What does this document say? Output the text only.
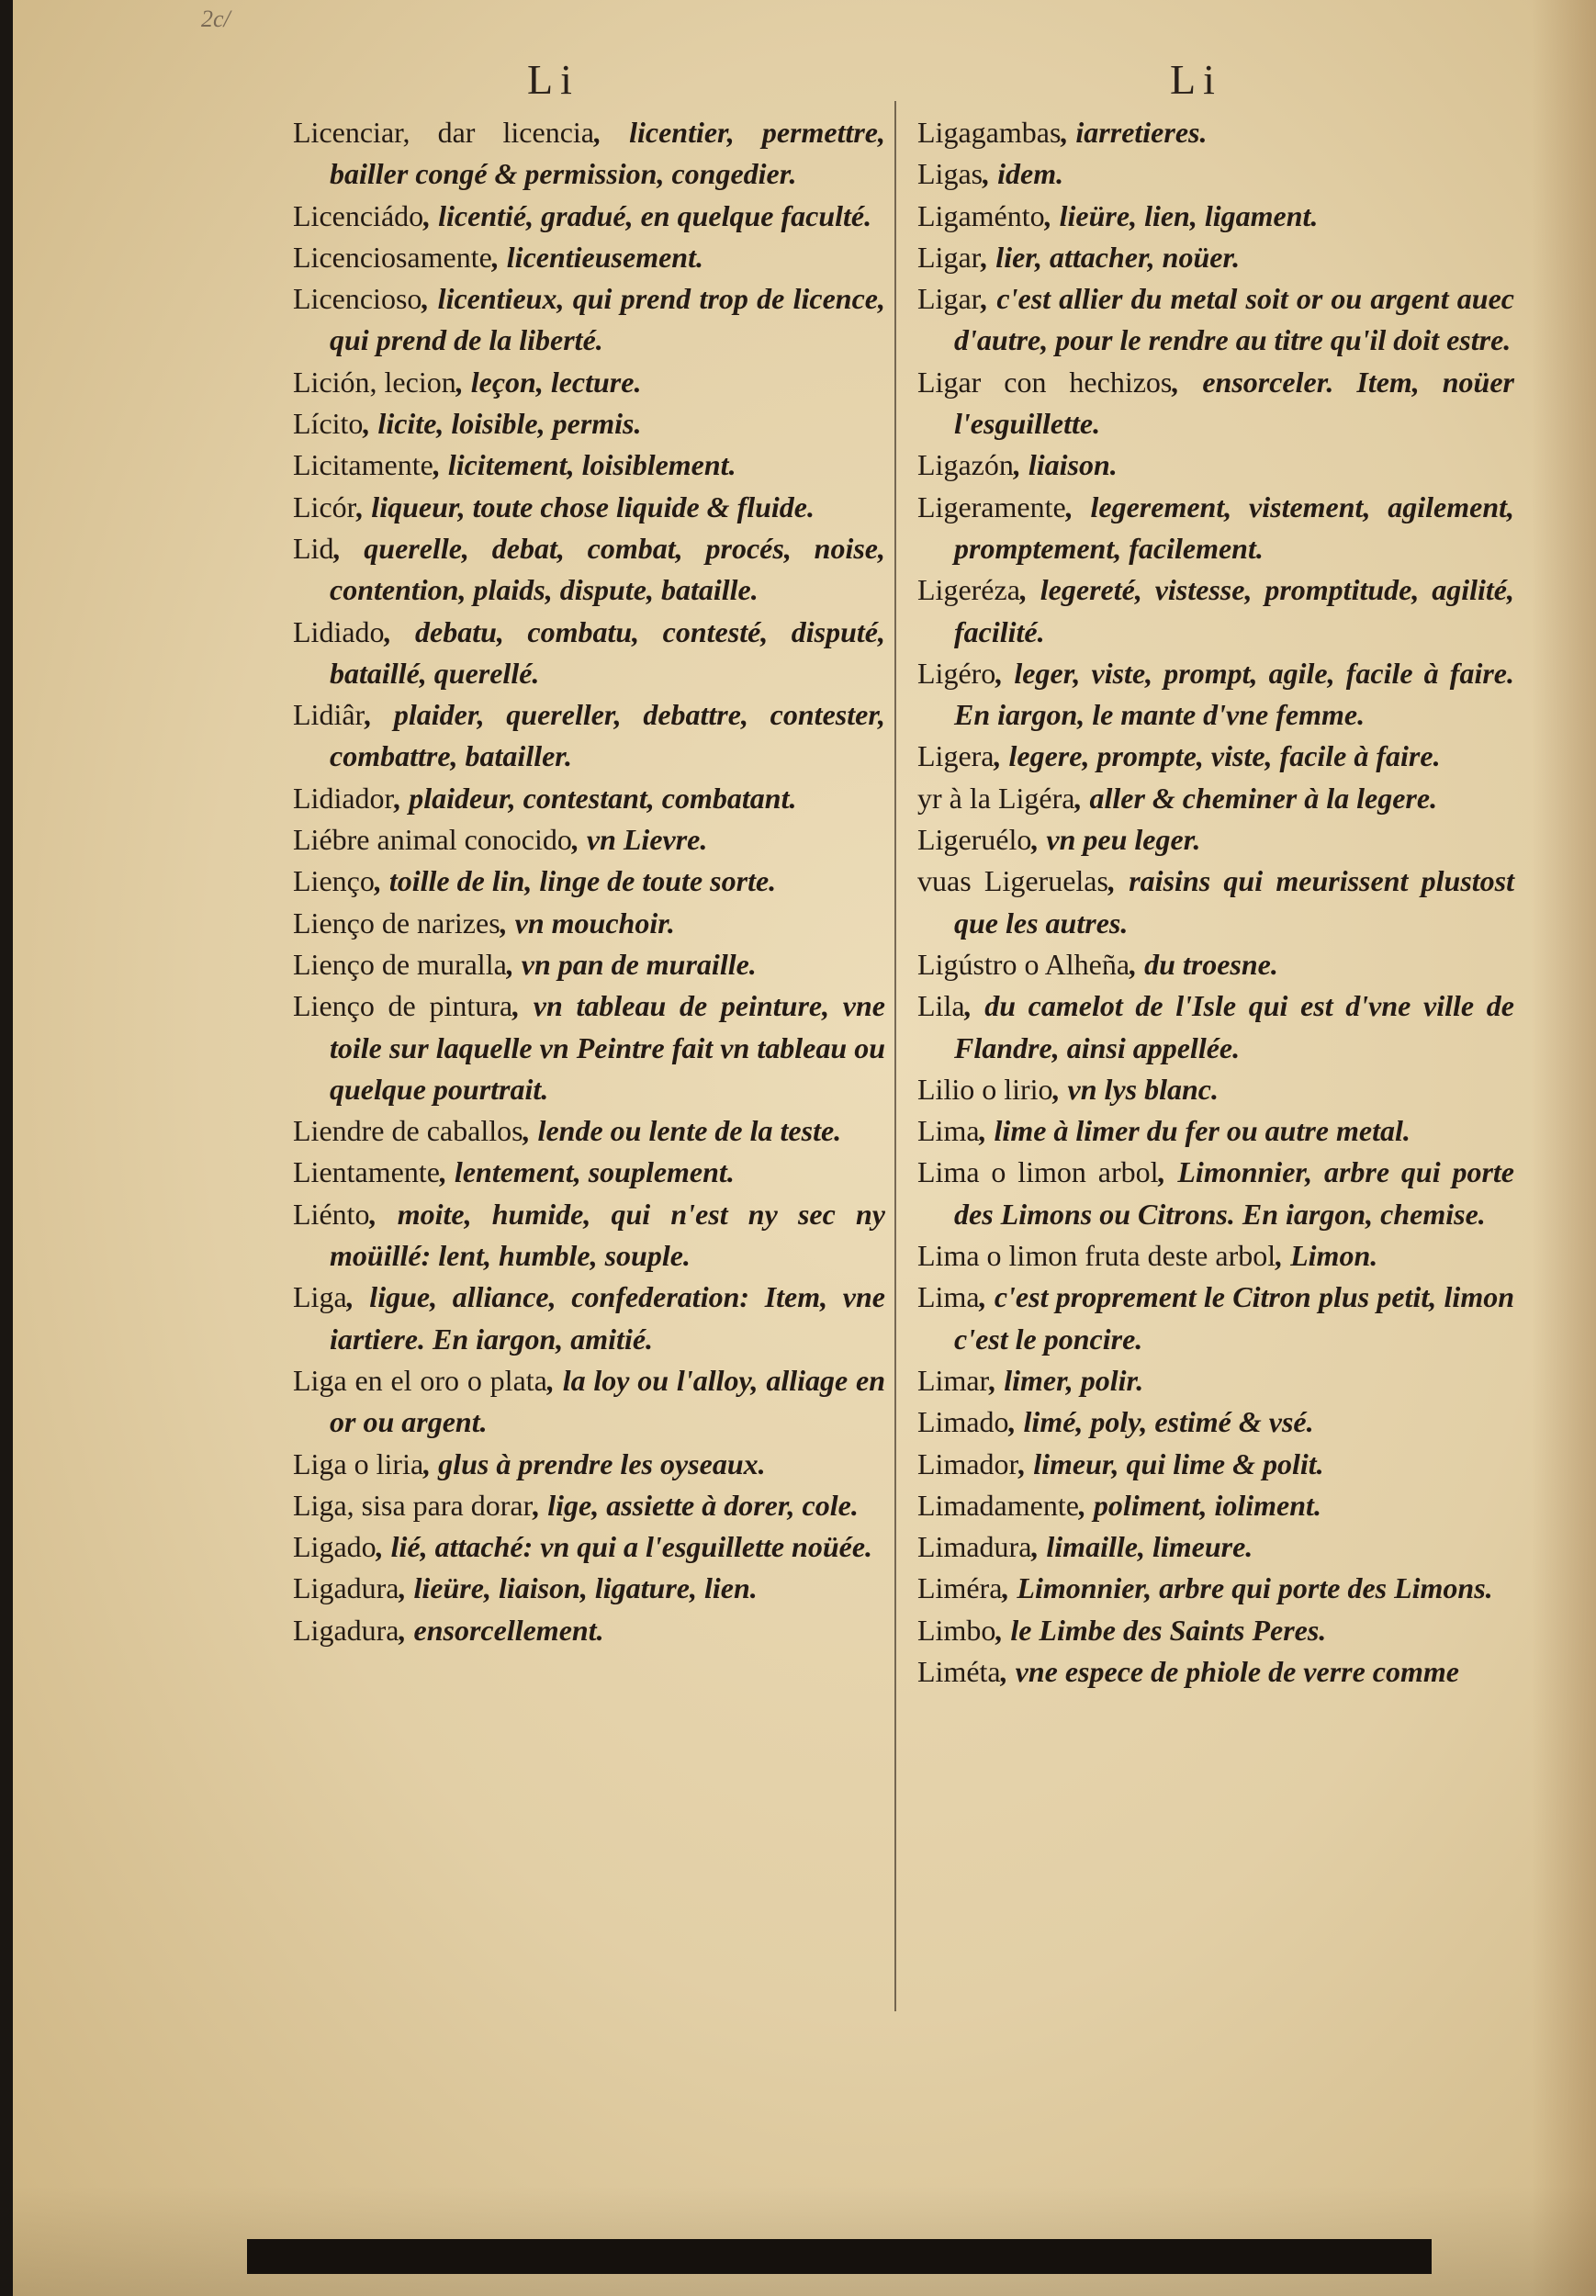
2c/
Li	Li

Licenciar, dar licencia, licentier, permettre, bailler congé & permission, congedier.

Licenciádo, licentié, gradué, en quelque faculté.

Licenciosamente, licentieusement.

Licencioso, licentieux, qui prend trop de licence, qui prend de la liberté.

Lición, lecion, leçon, lecture.

Lícito, licite, loisible, permis.

Licitamente, licitement, loisiblement.

Licór, liqueur, toute chose liquide & fluide.

Lid, querelle, debat, combat, procés, noise, contention, plaids, dispute, bataille.

Lidiado, debatu, combatu, contesté, disputé, bataillé, querellé.

Lidiâr, plaider, quereller, debattre, contester, combattre, batailler.

Lidiador, plaideur, contestant, combatant.

Liébre animal conocido, vn Lievre.

Lienço, toille de lin, linge de toute sorte.

Lienço de narizes, vn mouchoir.

Lienço de muralla, vn pan de muraille.

Lienço de pintura, vn tableau de peinture, vne toile sur laquelle vn Peintre fait vn tableau ou quelque pourtrait.

Liendre de caballos, lende ou lente de la teste.

Lientamente, lentement, souplement.

Liénto, moite, humide, qui n'est ny sec ny moüillé: lent, humble, souple.

Liga, ligue, alliance, confederation: Item, vne iartiere. En iargon, amitié.

Liga en el oro o plata, la loy ou l'alloy, alliage en or ou argent.

Liga o liria, glus à prendre les oyseaux.

Liga, sisa para dorar, lige, assiette à dorer, cole.

Ligado, lié, attaché: vn qui a l'esguillette noüée.

Ligadura, lieüre, liaison, ligature, lien.

Ligadura, ensorcellement.

Ligagambas, iarretieres.

Ligas, idem.

Ligaménto, lieüre, lien, ligament.

Ligar, lier, attacher, noüer.

Ligar, c'est allier du metal soit or ou argent auec d'autre, pour le rendre au titre qu'il doit estre.

Ligar con hechizos, ensorceler. Item, noüer l'esguillette.

Ligazón, liaison.

Ligeramente, legerement, vistement, agilement, promptement, facilement.

Ligeréza, legereté, vistesse, promptitude, agilité, facilité.

Ligéro, leger, viste, prompt, agile, facile à faire. En iargon, le mante d'vne femme.

Ligera, legere, prompte, viste, facile à faire.

yr à la Ligéra, aller & cheminer à la legere.

Ligeruélo, vn peu leger.

vuas Ligeruelas, raisins qui meurissent plustost que les autres.

Ligústro o Alheña, du troesne.

Lila, du camelot de l'Isle qui est d'vne ville de Flandre, ainsi appellée.

Lilio o lirio, vn lys blanc.

Lima, lime à limer du fer ou autre metal.

Lima o limon arbol, Limonnier, arbre qui porte des Limons ou Citrons. En iargon, chemise.

Lima o limon fruta deste arbol, Limon.

Lima, c'est proprement le Citron plus petit, limon c'est le poncire.

Limar, limer, polir.

Limado, limé, poly, estimé & vsé.

Limador, limeur, qui lime & polit.

Limadamente, poliment, ioliment.

Limadura, limaille, limeure.

Liméra, Limonnier, arbre qui porte des Limons.

Limbo, le Limbe des Saints Peres.

Liméta, vne espece de phiole de verre comme
